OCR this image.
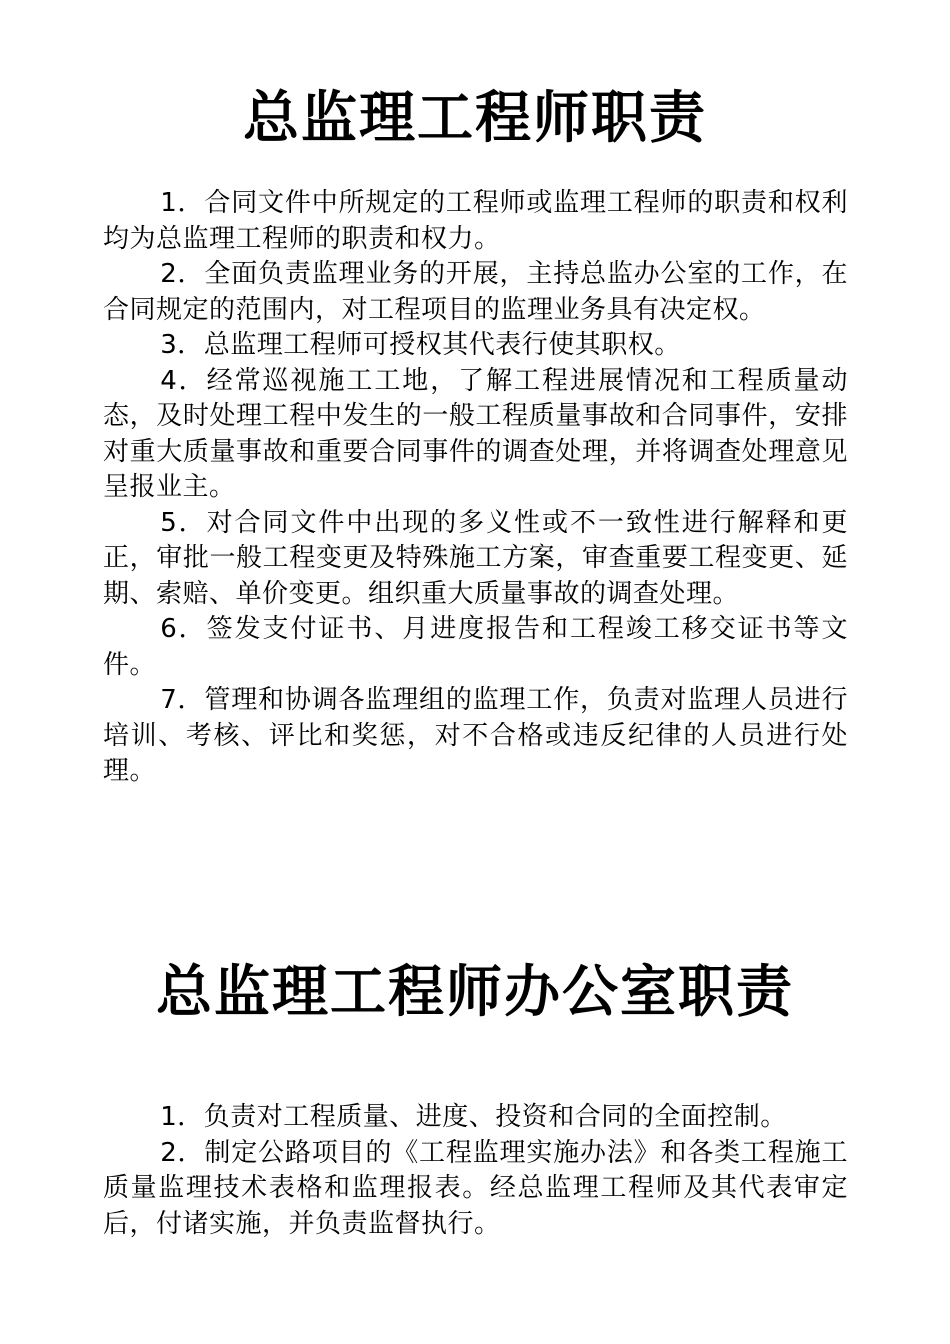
总监理工程师职责

1．合同文件中所规定的工程师或监理工程师的职责和权利均为总监理工程师的职责和权力。

2．全面负责监理业务的开展，主持总监办公室的工作，在合同规定的范围内，对工程项目的监理业务具有决定权。

3．总监理工程师可授权其代表行使其职权。

4．经常巡视施工工地，了解工程进展情况和工程质量动态，及时处理工程中发生的一般工程质量事故和合同事件，安排对重大质量事故和重要合同事件的调查处理，并将调查处理意见呈报业主。

5．对合同文件中出现的多义性或不一致性进行解释和更正，审批一般工程变更及特殊施工方案，审查重要工程变更、延期、索赔、单价变更。组织重大质量事故的调查处理。

6．签发支付证书、月进度报告和工程竣工移交证书等文件。

7．管理和协调各监理组的监理工作，负责对监理人员进行培训、考核、评比和奖惩，对不合格或违反纪律的人员进行处理。

总监理工程师办公室职责

1．负责对工程质量、进度、投资和合同的全面控制。

2．制定公路项目的《工程监理实施办法》和各类工程施工质量监理技术表格和监理报表。经总监理工程师及其代表审定后，付诸实施，并负责监督执行。
